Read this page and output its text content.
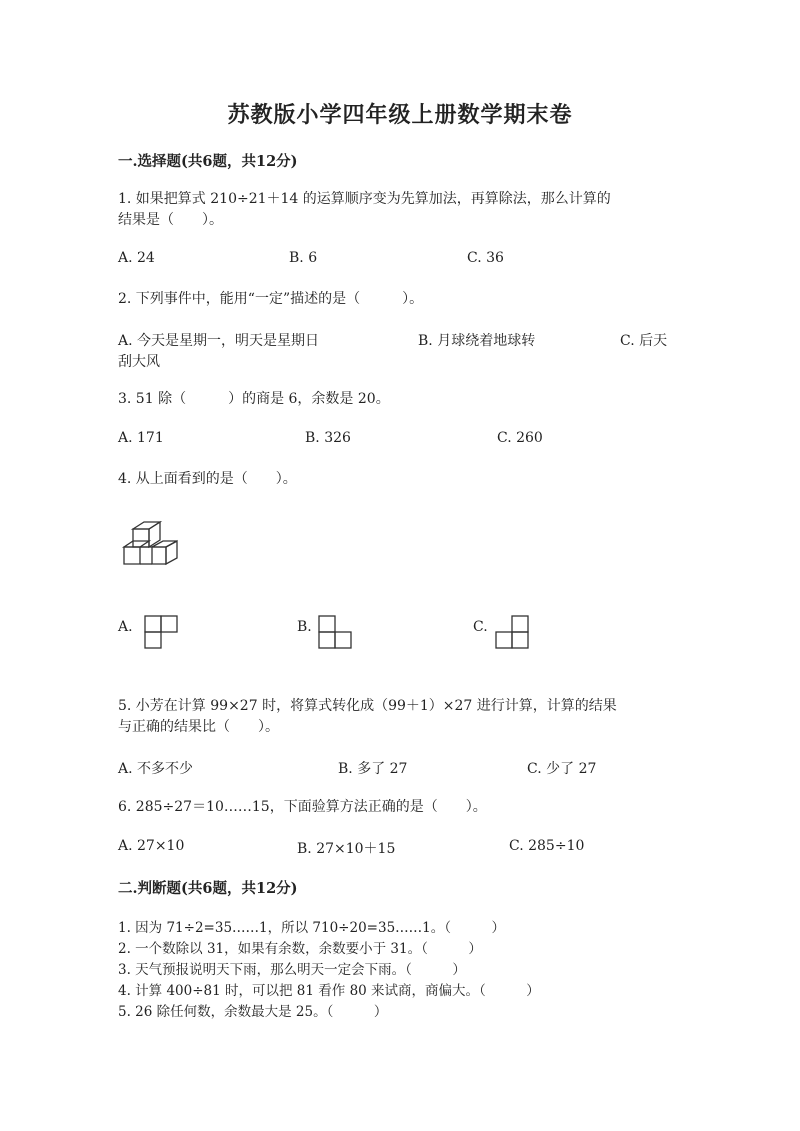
苏教版小学四年级上册数学期末卷
一.选择题(共6题，共12分)
1. 如果把算式 210÷21＋14 的运算顺序变为先算加法，再算除法，那么计算的
结果是（　　）。
A. 24	B. 6	C. 36
2. 下列事件中，能用“一定”描述的是（　　　）。
A. 今天是星期一，明天是星期日	B. 月球绕着地球转	C. 后天
刮大风
3. 51 除（　　　）的商是 6，余数是 20。
A. 171	B. 326	C. 260
4. 从上面看到的是（　　）。
A.	B.	C.
5. 小芳在计算 99×27 时，将算式转化成（99＋1）×27 进行计算，计算的结果
与正确的结果比（　　）。
A. 不多不少	B. 多了 27	C. 少了 27
6. 285÷27＝10……15，下面验算方法正确的是（　　）。
A. 27×10	B. 27×10＋15	C. 285÷10
二.判断题(共6题，共12分)
1. 因为 71÷2=35……1，所以 710÷20=35……1。（　　　）
2. 一个数除以 31，如果有余数，余数要小于 31。（　　　）
3. 天气预报说明天下雨，那么明天一定会下雨。（　　　）
4. 计算 400÷81 时，可以把 81 看作 80 来试商，商偏大。（　　　）
5. 26 除任何数，余数最大是 25。（　　　）
